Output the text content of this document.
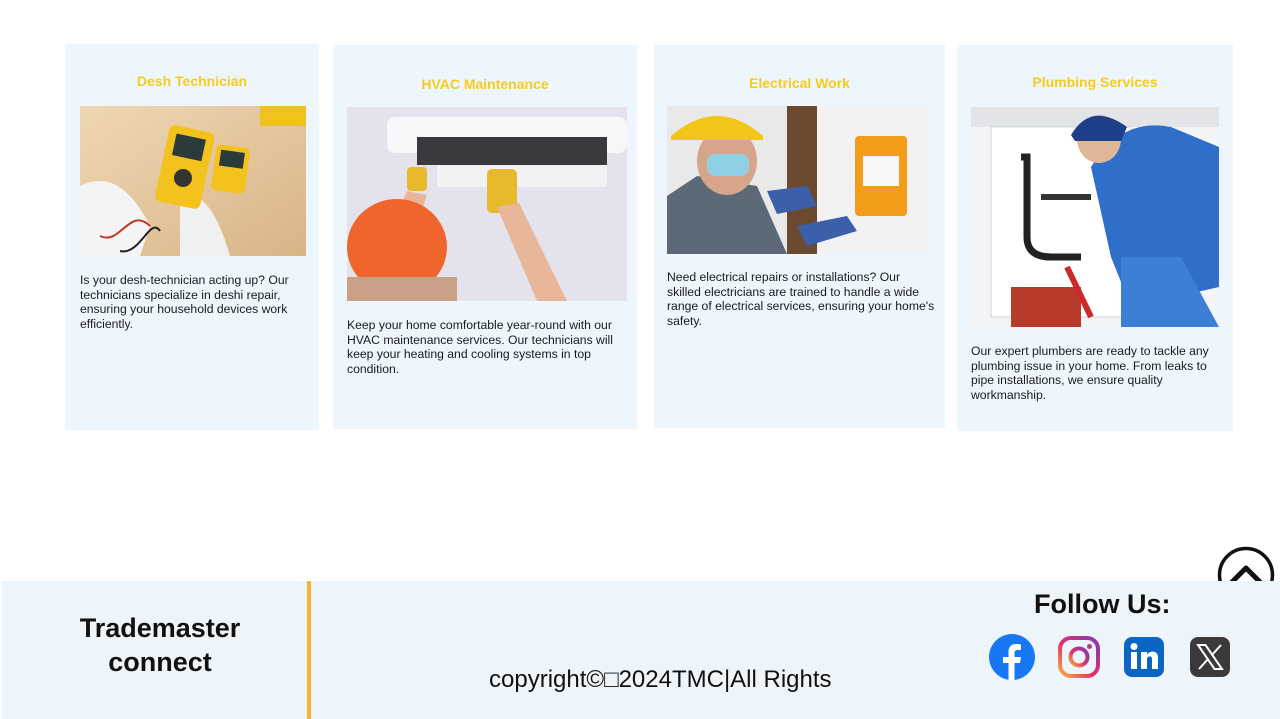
Desh Technician
Is your desh-technician acting up? Our technicians specialize in deshi repair, ensuring your household devices work efficiently.
HVAC Maintenance
Keep your home comfortable year-round with our HVAC maintenance services. Our technicians will keep your heating and cooling systems in top condition.
Electrical Work
Need electrical repairs or installations? Our skilled electricians are trained to handle a wide range of electrical services, ensuring your home's safety.
Plumbing Services
Our expert plumbers are ready to tackle any plumbing issue in your home. From leaks to pipe installations, we ensure quality workmanship.
Trademaster
connect
copyright©□2024TMC|All Rights
Follow Us:
